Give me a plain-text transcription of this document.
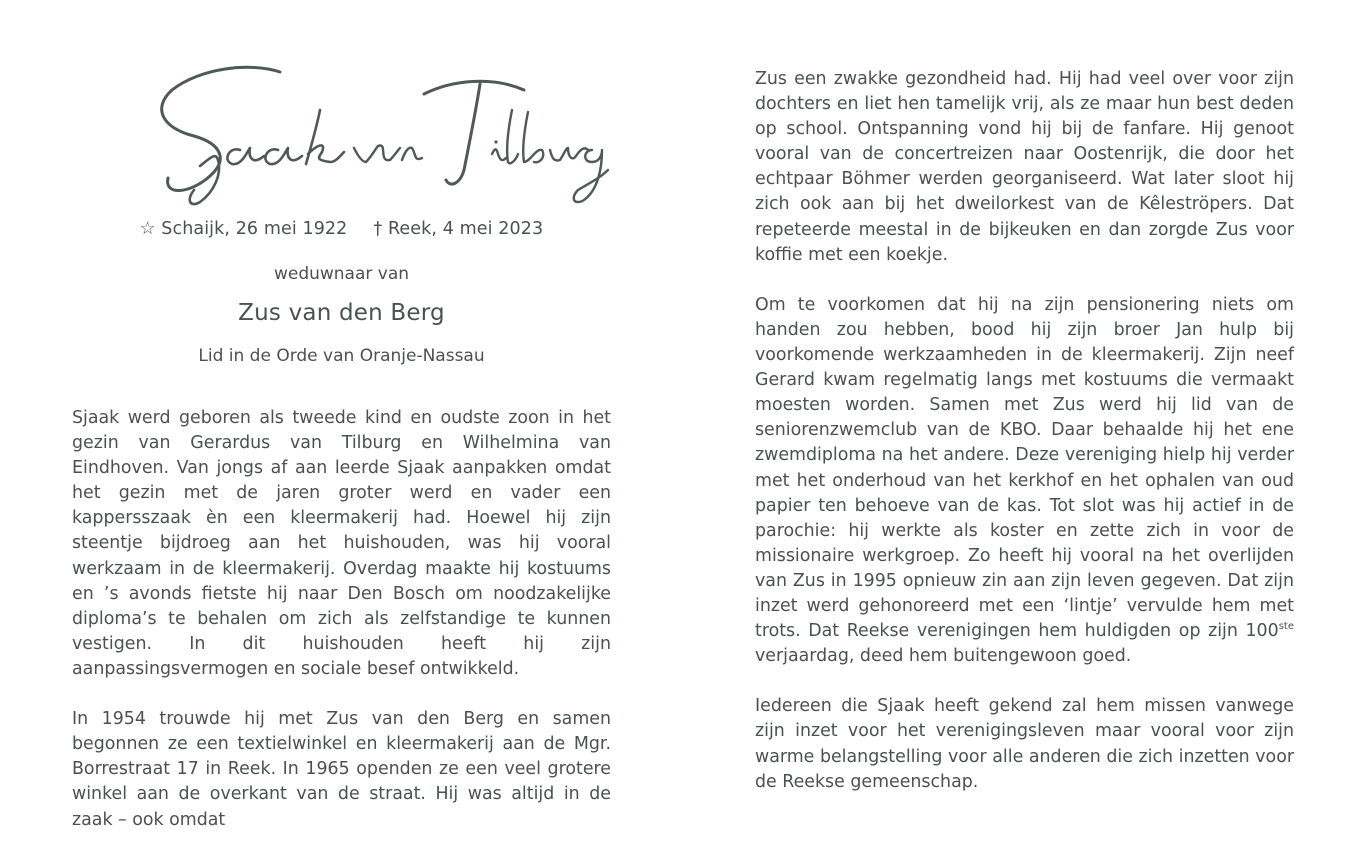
☆ Schaijk, 26 mei 1922 † Reek, 4 mei 2023
weduwnaar van
Zus van den Berg
Lid in de Orde van Oranje-Nassau

Sjaak werd geboren als tweede kind en oudste zoon in het gezin van Gerardus van Tilburg en Wilhelmina van Eindhoven. Van jongs af aan leerde Sjaak aanpakken omdat het gezin met de jaren groter werd en vader een kappersszaak èn een kleermakerij had. Hoewel hij zijn steentje bijdroeg aan het huishouden, was hij vooral werkzaam in de kleermakerij. Overdag maakte hij kostuums en ’s avonds fietste hij naar Den Bosch om noodzakelijke diploma’s te behalen om zich als zelfstandige te kunnen vestigen. In dit huishouden heeft hij zijn aanpassingsvermogen en sociale besef ontwikkeld.

In 1954 trouwde hij met Zus van den Berg en samen begonnen ze een textielwinkel en kleermakerij aan de Mgr. Borrestraat 17 in Reek. In 1965 openden ze een veel grotere winkel aan de overkant van de straat. Hij was altijd in de zaak – ook omdat

Zus een zwakke gezondheid had. Hij had veel over voor zijn dochters en liet hen tamelijk vrij, als ze maar hun best deden op school. Ontspanning vond hij bij de fanfare. Hij genoot vooral van de concertreizen naar Oostenrijk, die door het echtpaar Böhmer werden georganiseerd. Wat later sloot hij zich ook aan bij het dweilorkest van de Kêleströpers. Dat repeteerde meestal in de bijkeuken en dan zorgde Zus voor koffie met een koekje.

Om te voorkomen dat hij na zijn pensionering niets om handen zou hebben, bood hij zijn broer Jan hulp bij voorkomende werkzaamheden in de kleermakerij. Zijn neef Gerard kwam regelmatig langs met kostuums die vermaakt moesten worden. Samen met Zus werd hij lid van de seniorenzwemclub van de KBO. Daar behaalde hij het ene zwemdiploma na het andere. Deze vereniging hielp hij verder met het onderhoud van het kerkhof en het ophalen van oud papier ten behoeve van de kas. Tot slot was hij actief in de parochie: hij werkte als koster en zette zich in voor de missionaire werkgroep. Zo heeft hij vooral na het overlijden van Zus in 1995 opnieuw zin aan zijn leven gegeven. Dat zijn inzet werd gehonoreerd met een ‘lintje’ vervulde hem met trots. Dat Reekse verenigingen hem huldigden op zijn 100ste verjaardag, deed hem buitengewoon goed.

Iedereen die Sjaak heeft gekend zal hem missen vanwege zijn inzet voor het verenigingsleven maar vooral voor zijn warme belangstelling voor alle anderen die zich inzetten voor de Reekse gemeenschap.
